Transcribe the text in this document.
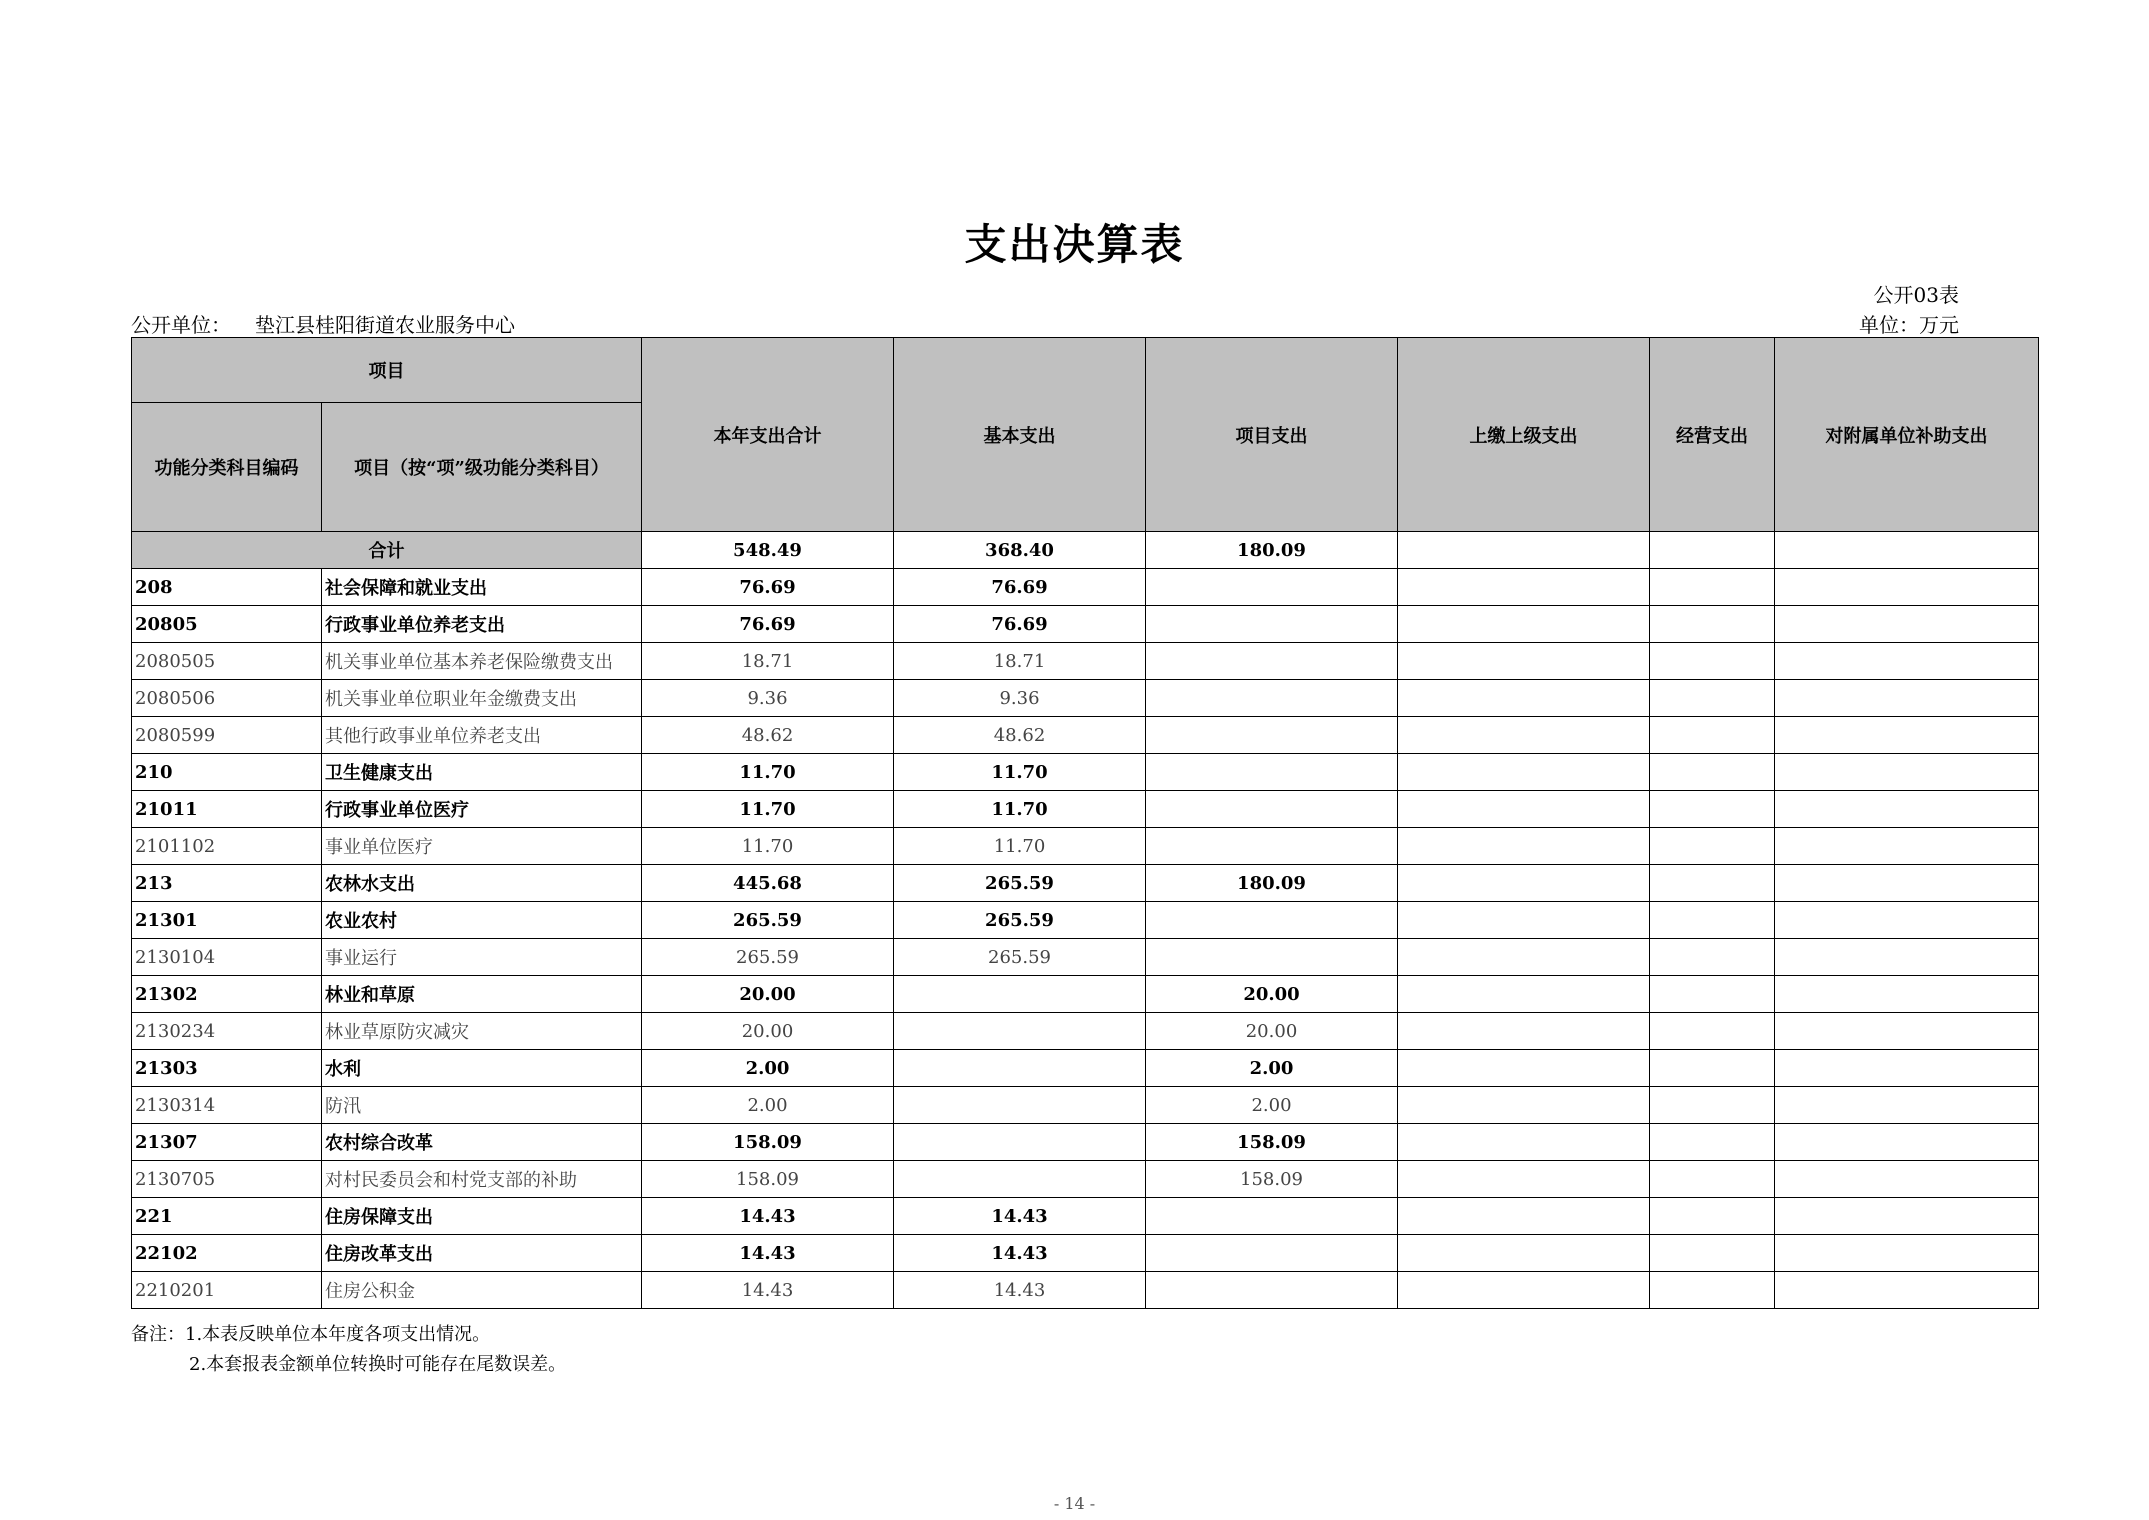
支出决算表
公开03表
单位：万元
公开单位： 垫江县桂阳街道农业服务中心
项目		本年支出合计	基本支出	项目支出	上缴上级支出	经营支出	对附属单位补助支出
功能分类科目编码	项目（按“项”级功能分类科目）						
合计		548.49	368.40	180.09			
208	社会保障和就业支出	76.69	76.69				
20805	行政事业单位养老支出	76.69	76.69				
2080505	机关事业单位基本养老保险缴费支出	18.71	18.71				
2080506	机关事业单位职业年金缴费支出	9.36	9.36				
2080599	其他行政事业单位养老支出	48.62	48.62				
210	卫生健康支出	11.70	11.70				
21011	行政事业单位医疗	11.70	11.70				
2101102	事业单位医疗	11.70	11.70				
213	农林水支出	445.68	265.59	180.09			
21301	农业农村	265.59	265.59				
2130104	事业运行	265.59	265.59				
21302	林业和草原	20.00		20.00			
2130234	林业草原防灾减灾	20.00		20.00			
21303	水利	2.00		2.00			
2130314	防汛	2.00		2.00			
21307	农村综合改革	158.09		158.09			
2130705	对村民委员会和村党支部的补助	158.09		158.09			
221	住房保障支出	14.43	14.43				
22102	住房改革支出	14.43	14.43				
2210201	住房公积金	14.43	14.43				
备注：1.本表反映单位本年度各项支出情况。
2.本套报表金额单位转换时可能存在尾数误差。
- 14 -
